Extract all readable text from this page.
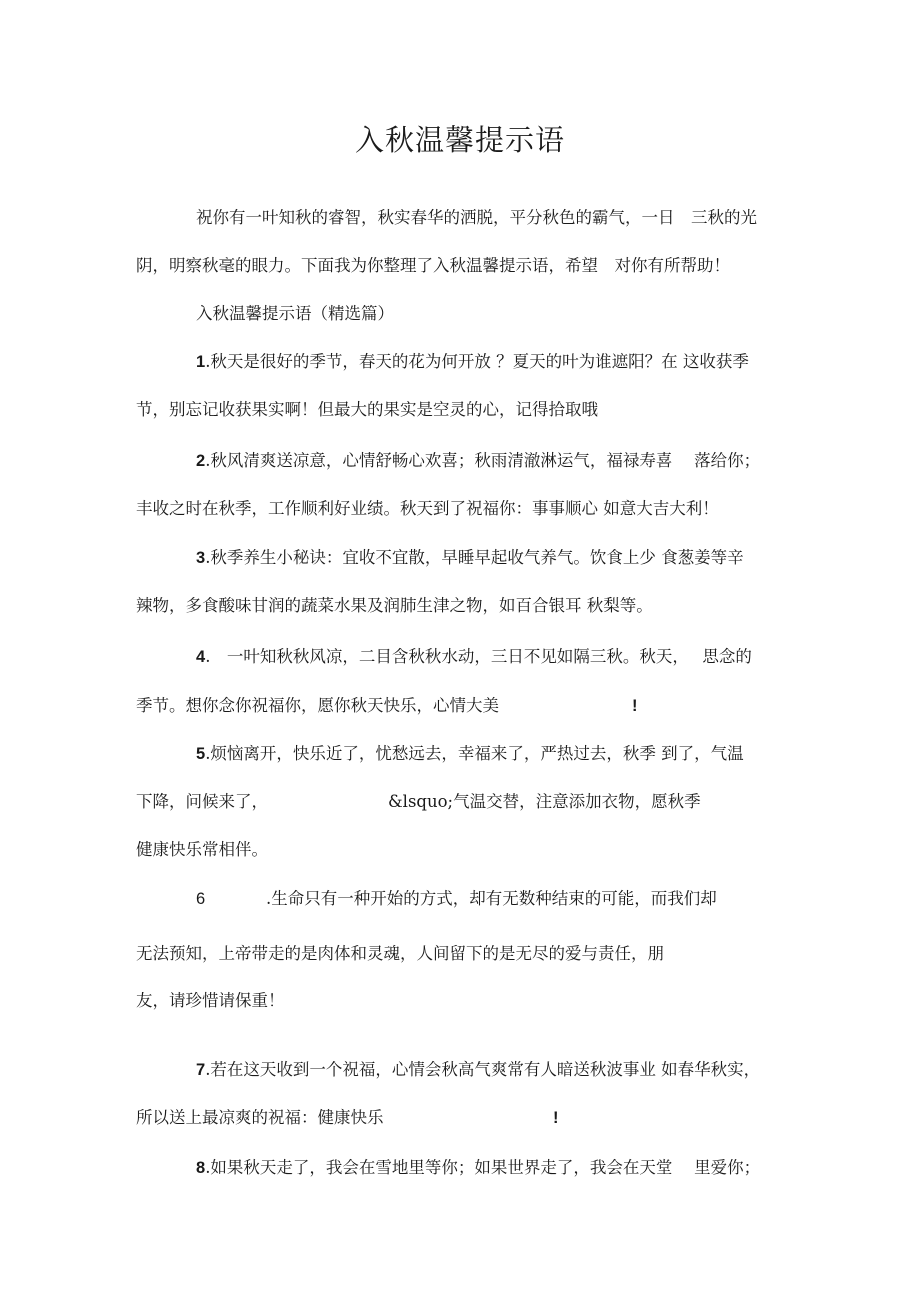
入秋温馨提示语
祝你有一叶知秋的睿智，秋实春华的洒脱，平分秋色的霸气，一日　三秋的光
阴，明察秋毫的眼力。下面我为你整理了入秋温馨提示语，希望　对你有所帮助！
入秋温馨提示语（精选篇）
1.秋天是很好的季节，春天的花为何开放 ？夏天的叶为谁遮阳？在 这收获季
节，别忘记收获果实啊！但最大的果实是空灵的心，记得拾取哦
2.秋风清爽送凉意，心情舒畅心欢喜；秋雨清澈淋运气，福禄寿喜　 落给你；
丰收之时在秋季，工作顺利好业绩。秋天到了祝福你：事事顺心 如意大吉大利！
3.秋季养生小秘诀：宜收不宜散，早睡早起收气养气。饮食上少 食葱姜等辛
辣物，多食酸味甘润的蔬菜水果及润肺生津之物，如百合银耳 秋梨等。
4.　一叶知秋秋风凉，二目含秋秋水动，三日不见如隔三秋。秋天，　 思念的
季节。想你念你祝福你，愿你秋天快乐，心情大美	!
5.烦恼离开，快乐近了，忧愁远去，幸福来了，严热过去，秋季 到了，气温
下降，问候来了，	&lsquo;气温交替，注意添加衣物，愿秋季
健康快乐常相伴。
6	.生命只有一种开始的方式，却有无数种结束的可能，而我们却
无法预知，上帝带走的是肉体和灵魂，人间留下的是无尽的爱与责任，朋
友，请珍惜请保重！
7.若在这天收到一个祝福，心情会秋高气爽常有人暗送秋波事业 如春华秋实，
所以送上最凉爽的祝福：健康快乐	!
8.如果秋天走了，我会在雪地里等你；如果世界走了，我会在天堂　 里爱你；
